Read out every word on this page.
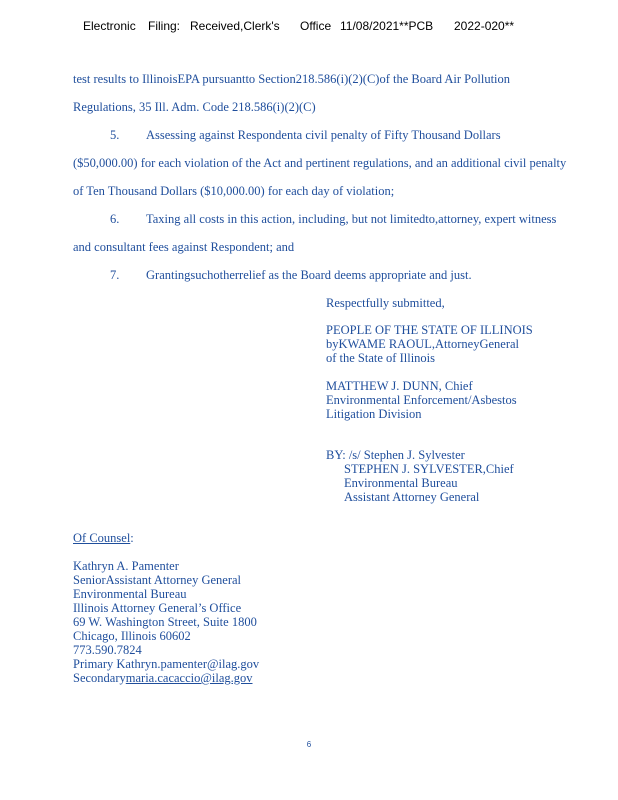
Electronic Filing: Received,Clerk's Office 11/08/2021**PCB 2022-020**
test results to IllinoisEPA pursuantto Section218.586(i)(2)(C)of the Board Air Pollution
Regulations, 35 Ill. Adm. Code 218.586(i)(2)(C)
5. Assessing against Respondenta civil penalty of Fifty Thousand Dollars
($50,000.00) for each violation of the Act and pertinent regulations, and an additional civil penalty
of Ten Thousand Dollars ($10,000.00) for each day of violation;
6. Taxing all costs in this action, including, but not limitedto,attorney, expert witness
and consultant fees against Respondent; and
7. Grantingsuchotherrelief as the Board deems appropriate and just.
Respectfully submitted,
PEOPLE OF THE STATE OF ILLINOIS
byKWAME RAOUL,AttorneyGeneral
of the State of Illinois
MATTHEW J. DUNN, Chief
Environmental Enforcement/Asbestos
Litigation Division
BY: /s/ Stephen J. Sylvester
STEPHEN J. SYLVESTER,Chief
Environmental Bureau
Assistant Attorney General
Of Counsel:
Kathryn A. Pamenter
SeniorAssistant Attorney General
Environmental Bureau
Illinois Attorney General’s Office
69 W. Washington Street, Suite 1800
Chicago, Illinois 60602
773.590.7824
Primary Kathryn.pamenter@ilag.gov
Secondarymaria.cacaccio@ilag.gov
6
